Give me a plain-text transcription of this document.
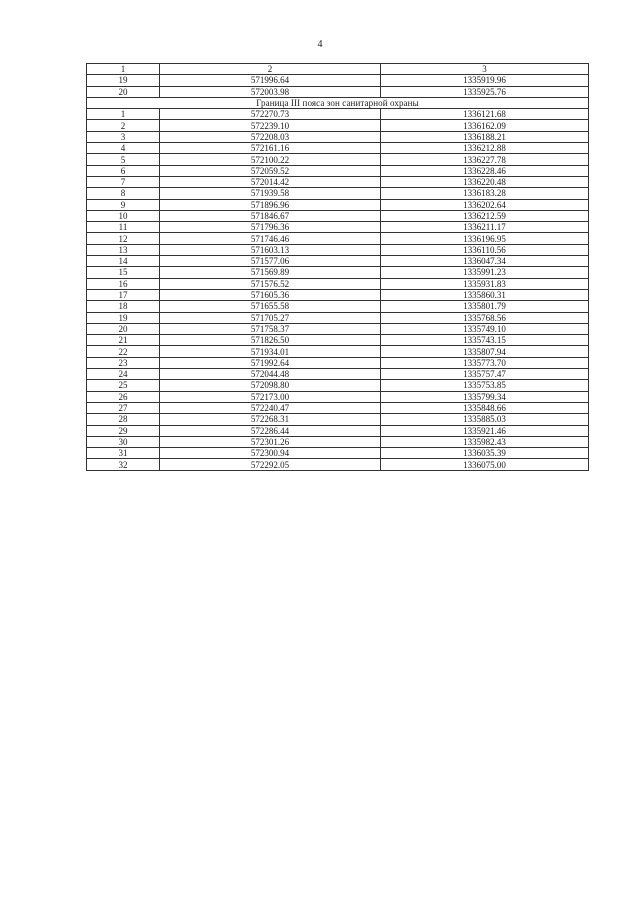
4
1	2	3
19	571996.64	1335919.96
20	572003.98	1335925.76
Граница III пояса зон санитарной охраны		
1	572270.73	1336121.68
2	572239.10	1336162.09
3	572208.03	1336188.21
4	572161.16	1336212.88
5	572100.22	1336227.78
6	572059.52	1336228.46
7	572014.42	1336220.48
8	571939.58	1336183.28
9	571896.96	1336202.64
10	571846.67	1336212.59
11	571796.36	1336211.17
12	571746.46	1336196.95
13	571603.13	1336110.56
14	571577.06	1336047.34
15	571569.89	1335991.23
16	571576.52	1335931.83
17	571605.36	1335860.31
18	571655.58	1335801.79
19	571705.27	1335768.56
20	571758.37	1335749.10
21	571826.50	1335743.15
22	571934.01	1335807.94
23	571992.64	1335773.70
24	572044.48	1335757.47
25	572098.80	1335753.85
26	572173.00	1335799.34
27	572240.47	1335848.66
28	572268.31	1335885.03
29	572286.44	1335921.46
30	572301.26	1335982.43
31	572300.94	1336035.39
32	572292.05	1336075.00
